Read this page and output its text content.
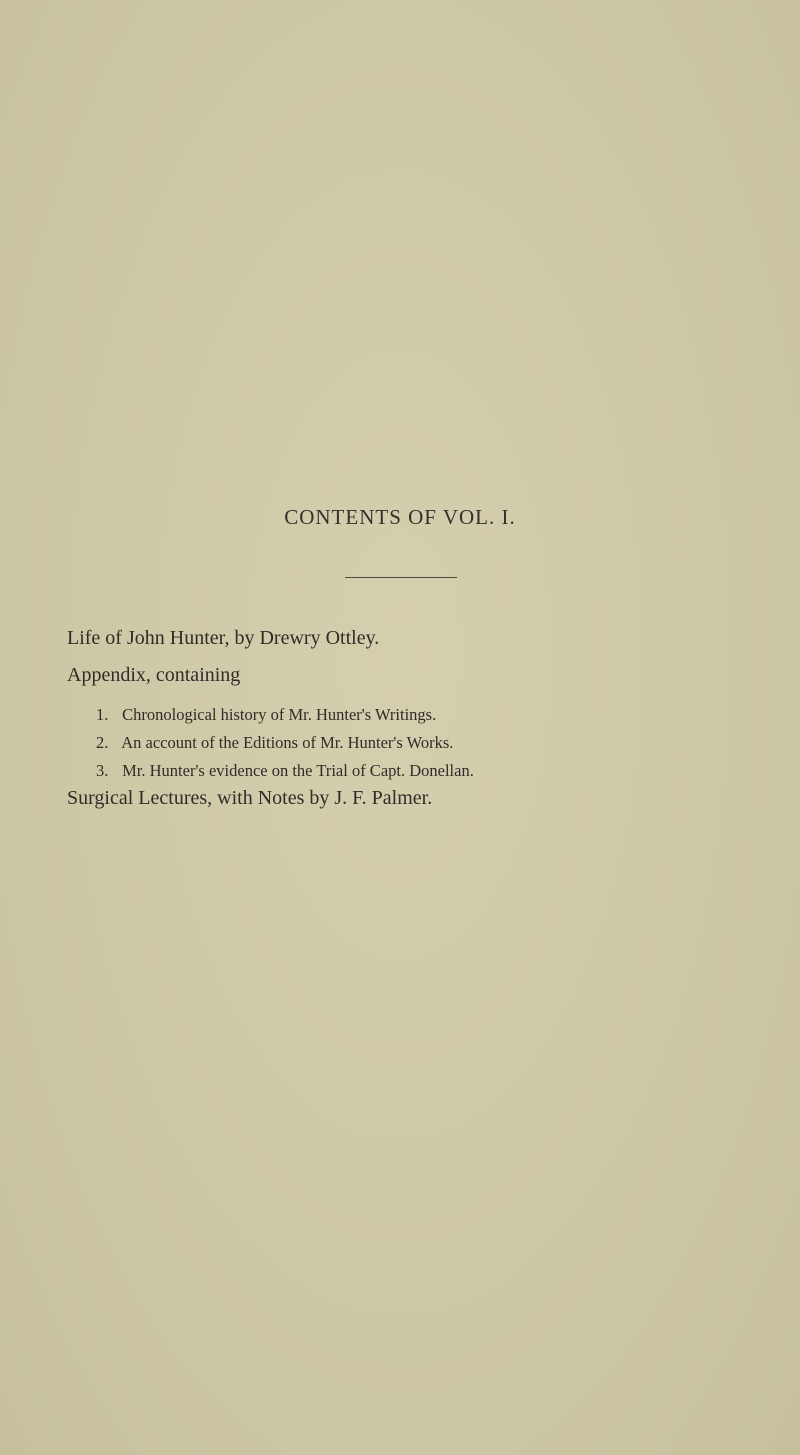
CONTENTS OF VOL. I.
Life of John Hunter, by Drewry Ottley.
Appendix, containing
1. Chronological history of Mr. Hunter's Writings.
2. An account of the Editions of Mr. Hunter's Works.
3. Mr. Hunter's evidence on the Trial of Capt. Donellan.
Surgical Lectures, with Notes by J. F. Palmer.
